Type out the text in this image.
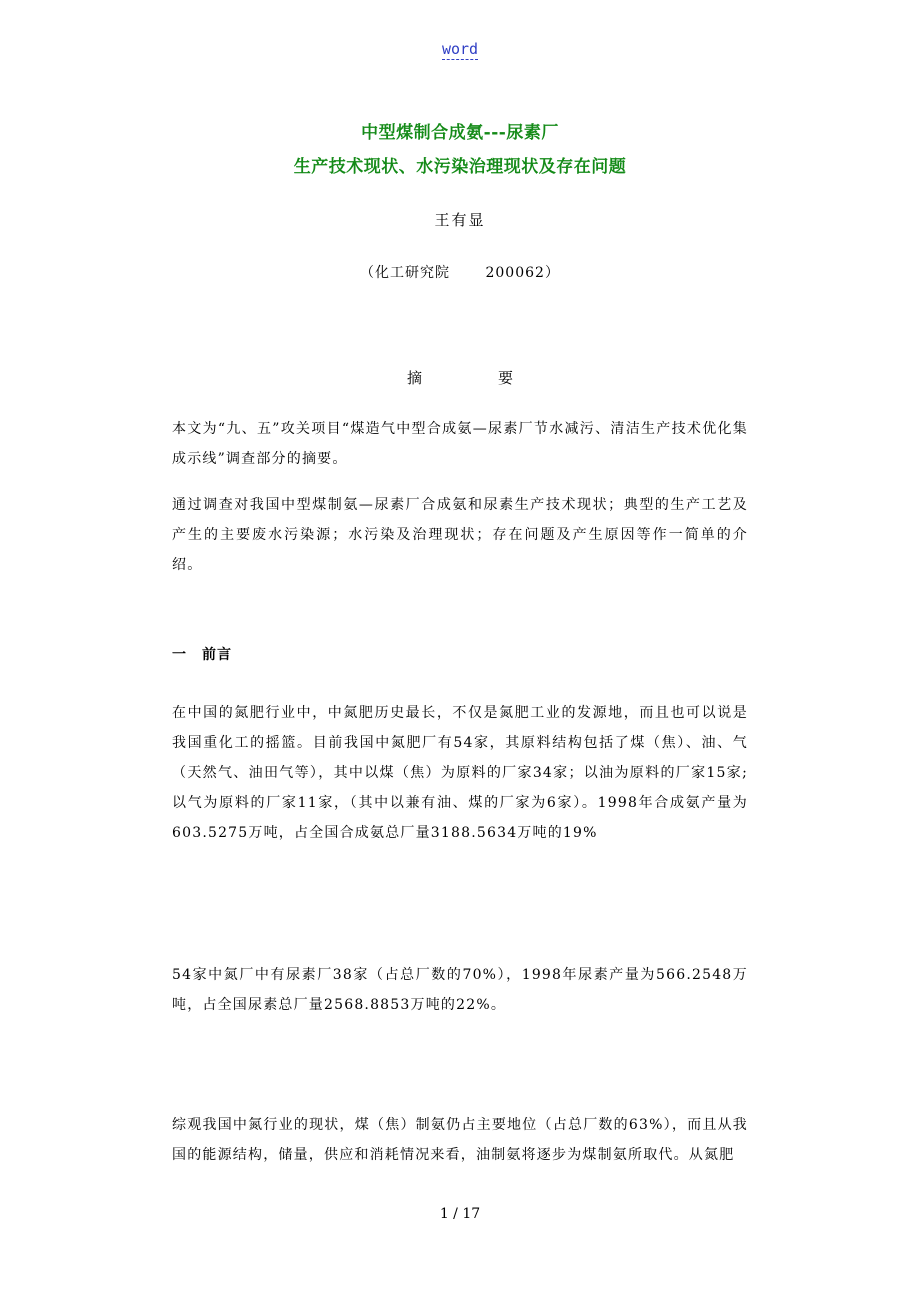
word
中型煤制合成氨---尿素厂
生产技术现状、水污染治理现状及存在问题
王有显
（化工研究院　　 200062）
摘	要
本文为“九、五”攻关项目“煤造气中型合成氨—尿素厂节水减污、清洁生产技术优化集成示线”调查部分的摘要。
通过调查对我国中型煤制氨—尿素厂合成氨和尿素生产技术现状；典型的生产工艺及产生的主要废水污染源；水污染及治理现状；存在问题及产生原因等作一简单的介绍。
一　前言
在中国的氮肥行业中，中氮肥历史最长，不仅是氮肥工业的发源地，而且也可以说是我国重化工的摇篮。目前我国中氮肥厂有54家，其原料结构包括了煤（焦）、油、气（天然气、油田气等），其中以煤（焦）为原料的厂家34家；以油为原料的厂家15家;以气为原料的厂家11家，（其中以兼有油、煤的厂家为6家）。1998年合成氨产量为603.5275万吨，占全国合成氨总厂量3188.5634万吨的19%
54家中氮厂中有尿素厂38家（占总厂数的70%），1998年尿素产量为566.2548万吨，占全国尿素总厂量2568.8853万吨的22%。
综观我国中氮行业的现状，煤（焦）制氨仍占主要地位（占总厂数的63%），而且从我国的能源结构，储量，供应和消耗情况来看，油制氨将逐步为煤制氨所取代。从氮肥
1 / 17
